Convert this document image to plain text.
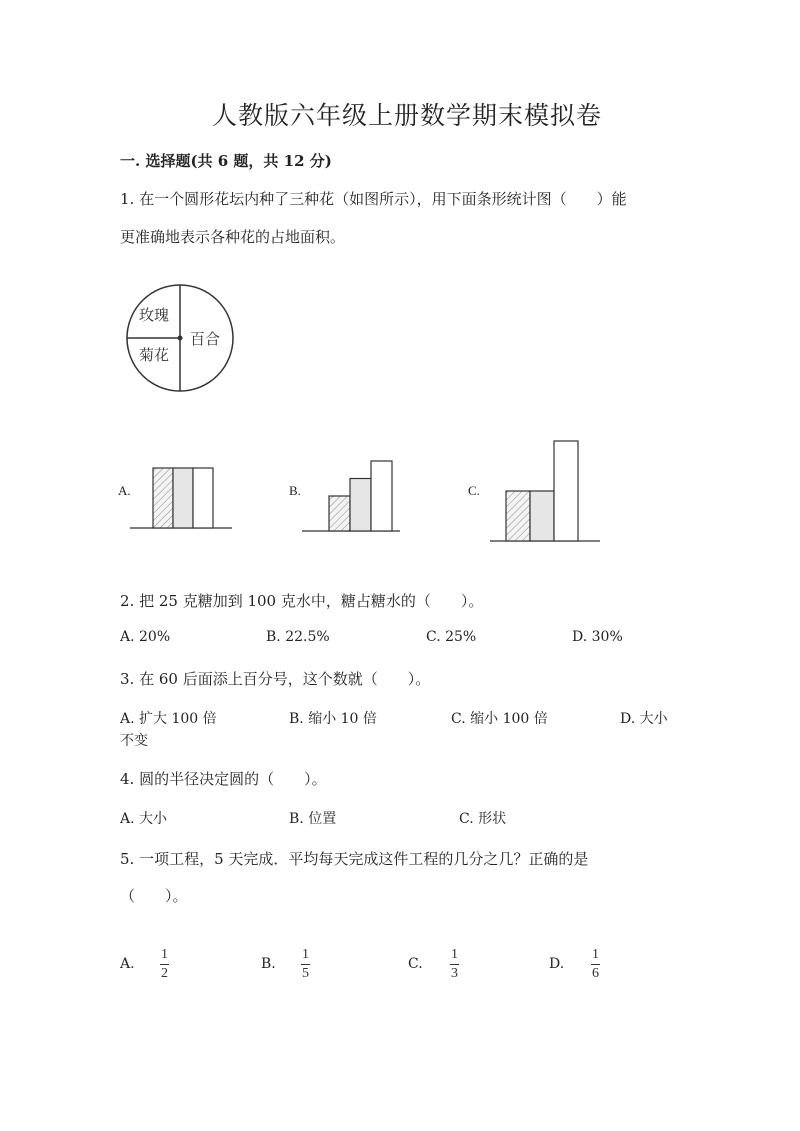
人教版六年级上册数学期末模拟卷
一. 选择题(共 6 题，共 12 分)
1. 在一个圆形花坛内种了三种花（如图所示），用下面条形统计图（　　）能
更准确地表示各种花的占地面积。
玫瑰
菊花
百合
A.	B.	C.
2. 把 25 克糖加到 100 克水中，糖占糖水的（　　）。
A. 20%	B. 22.5%	C. 25%	D. 30%
3. 在 60 后面添上百分号，这个数就（　　）。
A. 扩大 100 倍	B. 缩小 10 倍	C. 缩小 100 倍	D. 大小
不变
4. 圆的半径决定圆的（　　）。
A. 大小	B. 位置	C. 形状
5. 一项工程，5 天完成．平均每天完成这件工程的几分之几？正确的是
（　　）。
A.
1
2
B.
1
5
C.
1
3
D.
1
6
